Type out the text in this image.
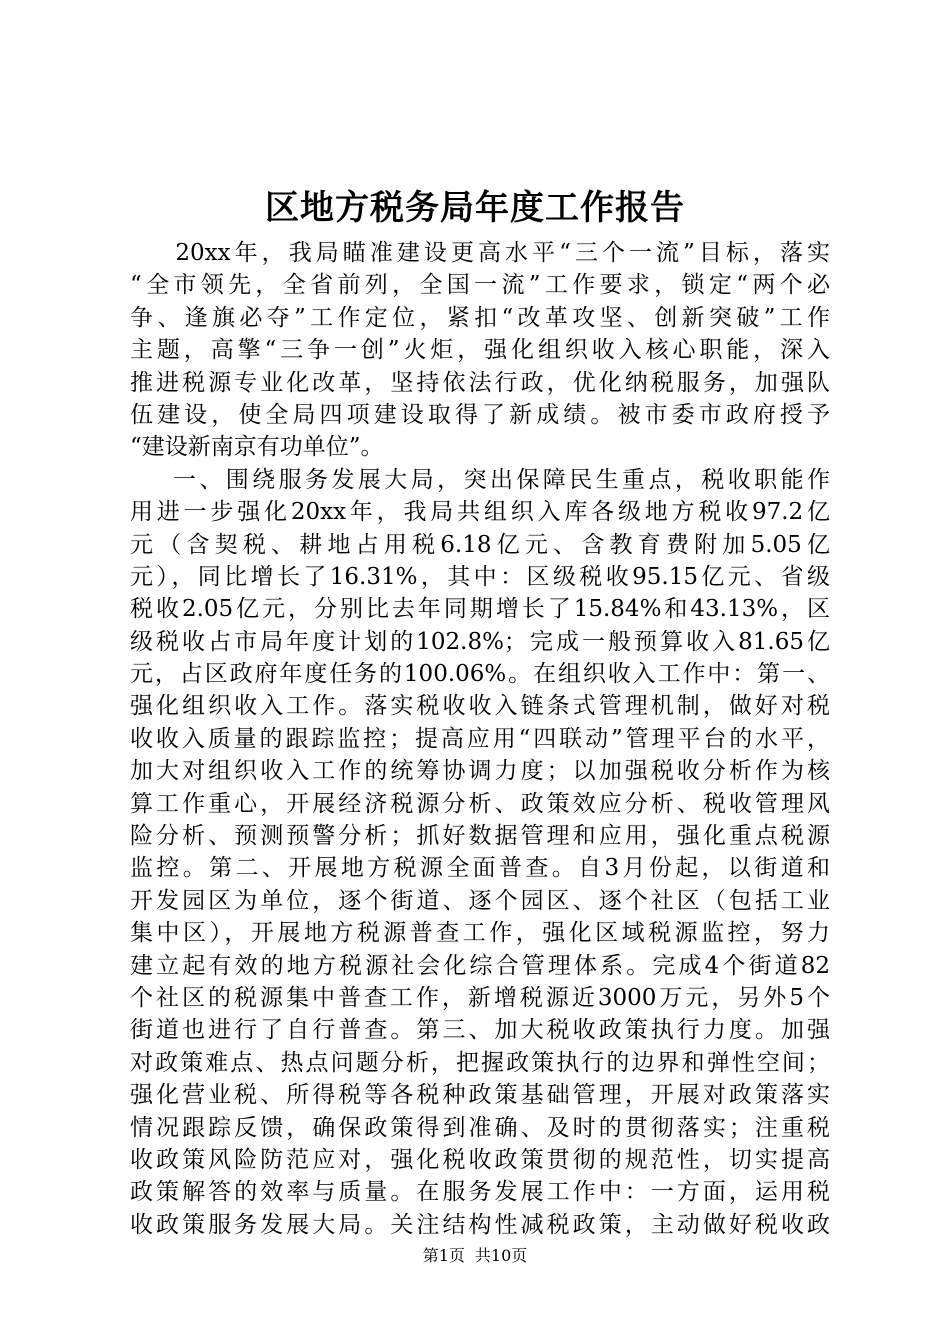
区地方税务局年度工作报告
20xx年，我局瞄准建设更高水平“三个一流”目标，落实
“全市领先，全省前列，全国一流”工作要求，锁定“两个必
争、逢旗必夺”工作定位，紧扣“改革攻坚、创新突破”工作
主题，高擎“三争一创”火炬，强化组织收入核心职能，深入
推进税源专业化改革，坚持依法行政，优化纳税服务，加强队
伍建设，使全局四项建设取得了新成绩。被市委市政府授予
“建设新南京有功单位”。
一、围绕服务发展大局，突出保障民生重点，税收职能作
用进一步强化20xx年，我局共组织入库各级地方税收97.2亿
元（含契税、耕地占用税6.18亿元、含教育费附加5.05亿
元），同比增长了16.31%，其中：区级税收95.15亿元、省级
税收2.05亿元，分别比去年同期增长了15.84%和43.13%，区
级税收占市局年度计划的102.8%；完成一般预算收入81.65亿
元，占区政府年度任务的100.06%。在组织收入工作中：第一、
强化组织收入工作。落实税收收入链条式管理机制，做好对税
收收入质量的跟踪监控；提高应用“四联动”管理平台的水平，
加大对组织收入工作的统筹协调力度；以加强税收分析作为核
算工作重心，开展经济税源分析、政策效应分析、税收管理风
险分析、预测预警分析；抓好数据管理和应用，强化重点税源
监控。第二、开展地方税源全面普查。自3月份起，以街道和
开发园区为单位，逐个街道、逐个园区、逐个社区（包括工业
集中区），开展地方税源普查工作，强化区域税源监控，努力
建立起有效的地方税源社会化综合管理体系。完成4个街道82
个社区的税源集中普查工作，新增税源近3000万元，另外5个
街道也进行了自行普查。第三、加大税收政策执行力度。加强
对政策难点、热点问题分析，把握政策执行的边界和弹性空间；
强化营业税、所得税等各税种政策基础管理，开展对政策落实
情况跟踪反馈，确保政策得到准确、及时的贯彻落实；注重税
收政策风险防范应对，强化税收政策贯彻的规范性，切实提高
政策解答的效率与质量。在服务发展工作中：一方面，运用税
收政策服务发展大局。关注结构性减税政策，主动做好税收政
第1页 共10页
